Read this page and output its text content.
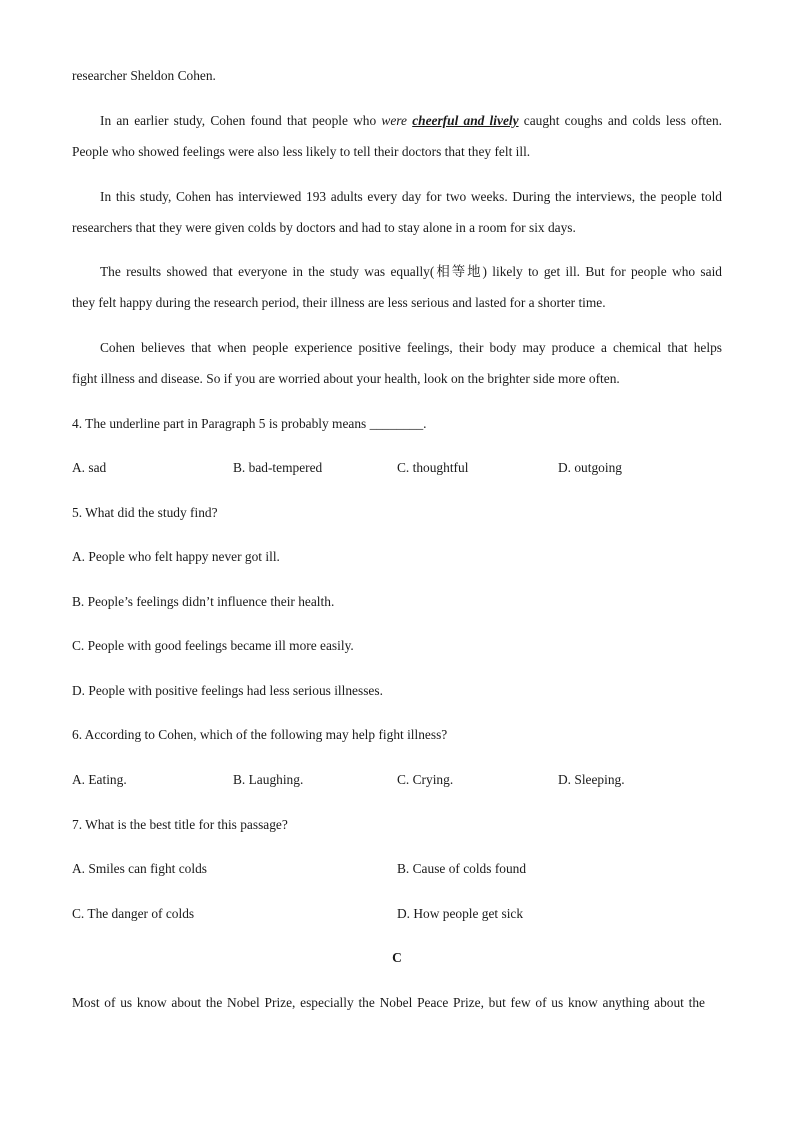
researcher Sheldon Cohen.
In an earlier study, Cohen found that people who were cheerful and lively caught coughs and colds less often.
People who showed feelings were also less likely to tell their doctors that they felt ill.
In this study, Cohen has interviewed 193 adults every day for two weeks. During the interviews, the people told
researchers that they were given colds by doctors and had to stay alone in a room for six days.
The results showed that everyone in the study was equally(相等地) likely to get ill. But for people who said
they felt happy during the research period, their illness are less serious and lasted for a shorter time.
Cohen believes that when people experience positive feelings, their body may produce a chemical that helps
fight illness and disease. So if you are worried about your health, look on the brighter side more often.
4. The underline part in Paragraph 5 is probably means ________.
A. sad	B. bad-tempered	C. thoughtful	D. outgoing
5. What did the study find?
A. People who felt happy never got ill.
B. People’s feelings didn’t influence their health.
C. People with good feelings became ill more easily.
D. People with positive feelings had less serious illnesses.
6. According to Cohen, which of the following may help fight illness?
A. Eating.	B. Laughing.	C. Crying.	D. Sleeping.
7. What is the best title for this passage?
A. Smiles can fight colds	B. Cause of colds found
C. The danger of colds	D. How people get sick
C
Most of us know about the Nobel Prize, especially the Nobel Peace Prize, but few of us know anything about the
